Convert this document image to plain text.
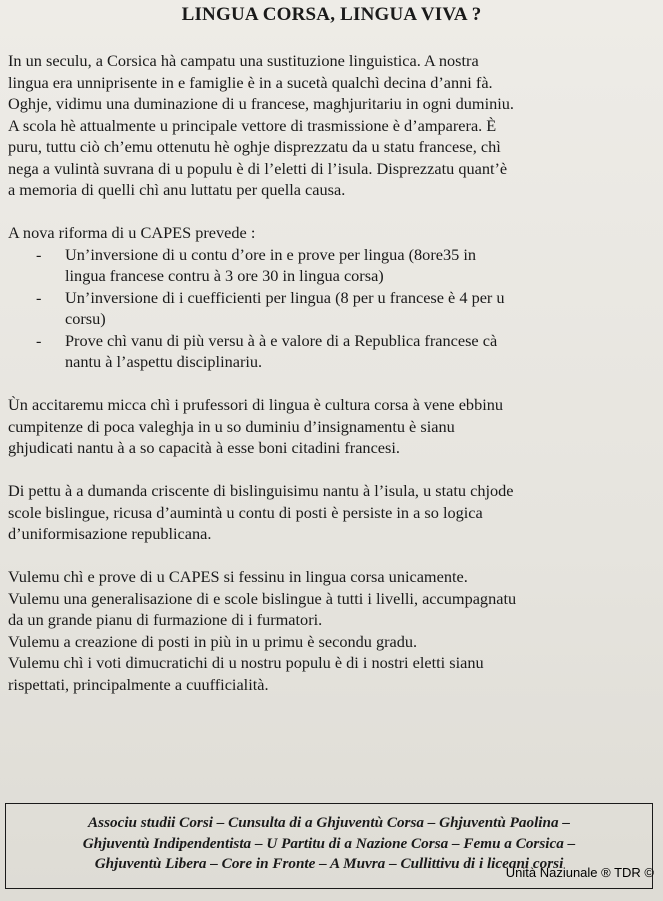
LINGUA CORSA, LINGUA VIVA ?

In un seculu, a Corsica hà campatu una sustituzione linguistica. A nostra
lingua era unniprisente in e famiglie è in a sucetà qualchì decina d’anni fà.
Oghje, vidimu una duminazione di u francese, maghjuritariu in ogni duminiu.
A scola hè attualmente u principale vettore di trasmissione è d’amparera. È
puru, tuttu ciò ch’emu ottenutu hè oghje disprezzatu da u statu francese, chì
nega a vulintà suvrana di u populu è di l’eletti di l’isula. Disprezzatu quant’è
a memoria di quelli chì anu luttatu per quella causa.

A nova riforma di u CAPES prevede :
- Un’inversione di u contu d’ore in e prove per lingua (8ore35 in
lingua francese contru à 3 ore 30 in lingua corsa)
- Un’inversione di i cuefficienti per lingua (8 per u francese è 4 per u
corsu)
- Prove chì vanu di più versu à à e valore di a Republica francese cà
nantu à l’aspettu disciplinariu.

Ùn accitaremu micca chì i prufessori di lingua è cultura corsa à vene ebbinu
cumpitenze di poca valeghja in u so duminiu d’insignamentu è sianu
ghjudicati nantu à a so capacità à esse boni citadini francesi.

Di pettu à a dumanda criscente di bislinguisimu nantu à l’isula, u statu chjode
scole bislingue, ricusa d’aumintà u contu di posti è persiste in a so logica
d’uniformisazione republicana.

Vulemu chì e prove di u CAPES si fessinu in lingua corsa unicamente.
Vulemu una generalisazione di e scole bislingue à tutti i livelli, accumpagnatu
da un grande pianu di furmazione di i furmatori.
Vulemu a creazione di posti in più in u primu è secondu gradu.
Vulemu chì i voti dimucratichi di u nostru populu è di i nostri eletti sianu
rispettati, principalmente a cuufficialità.

Associu studii Corsi – Cunsulta di a Ghjuventù Corsa – Ghjuventù Paolina –
Ghjuventù Indipendentista – U Partitu di a Nazione Corsa – Femu a Corsica –
Ghjuventù Libera – Core in Fronte – A Muvra – Cullittivu di i liceani corsi
Unità Naziunale ® TDR ©
